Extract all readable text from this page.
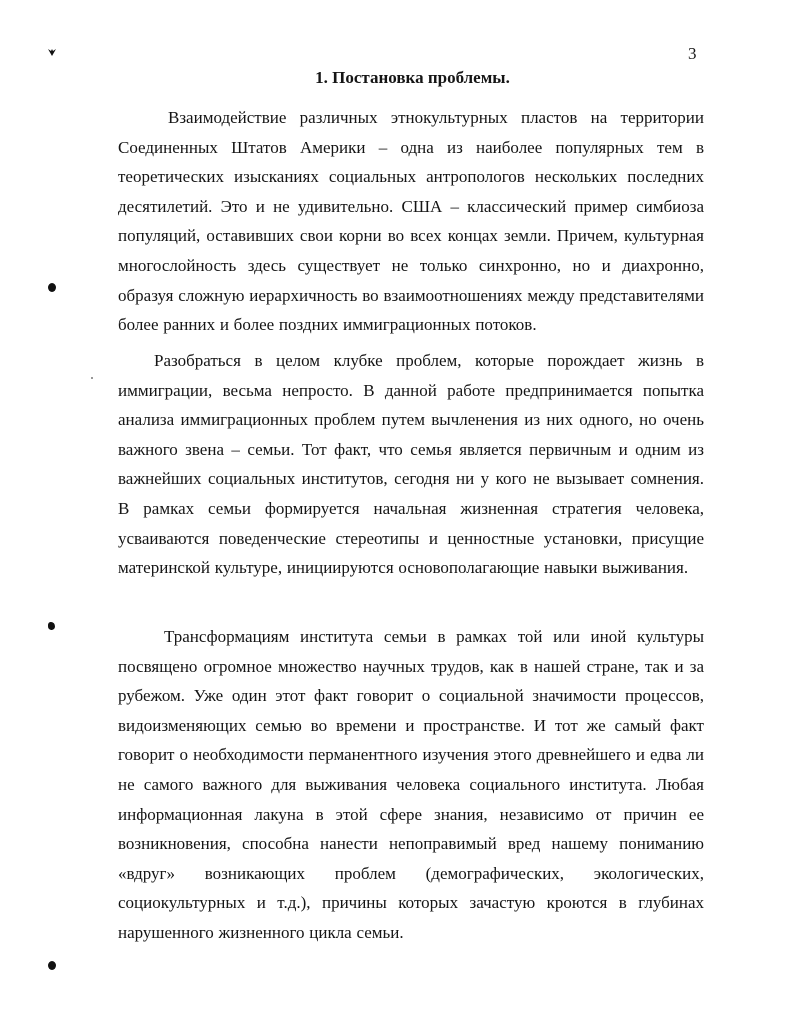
3
1. Постановка проблемы.

Взаимодействие различных этнокультурных пластов на территории Соединенных Штатов Америки – одна из наиболее популярных тем в теоретических изысканиях социальных антропологов нескольких последних десятилетий. Это и не удивительно. США – классический пример симбиоза популяций, оставивших свои корни во всех концах земли. Причем, культурная многослойность здесь существует не только синхронно, но и диахронно, образуя сложную иерархичность во взаимоотношениях между представителями более ранних и более поздних иммиграционных потоков.

Разобраться в целом клубке проблем, которые порождает жизнь в иммиграции, весьма непросто. В данной работе предпринимается попытка анализа иммиграционных проблем путем вычленения из них одного, но очень важного звена – семьи. Тот факт, что семья является первичным и одним из важнейших социальных институтов, сегодня ни у кого не вызывает сомнения. В рамках семьи формируется начальная жизненная стратегия человека, усваиваются поведенческие стереотипы и ценностные установки, присущие материнской культуре, инициируются основополагающие навыки выживания.

Трансформациям института семьи в рамках той или иной культуры посвящено огромное множество научных трудов, как в нашей стране, так и за рубежом. Уже один этот факт говорит о социальной значимости процессов, видоизменяющих семью во времени и пространстве. И тот же самый факт говорит о необходимости перманентного изучения этого древнейшего и едва ли не самого важного для выживания человека социального института. Любая информационная лакуна в этой сфере знания, независимо от причин ее возникновения, способна нанести непоправимый вред нашему пониманию «вдруг» возникающих проблем (демографических, экологических, социокультурных и т.д.), причины которых зачастую кроются в глубинах нарушенного жизненного цикла семьи.
